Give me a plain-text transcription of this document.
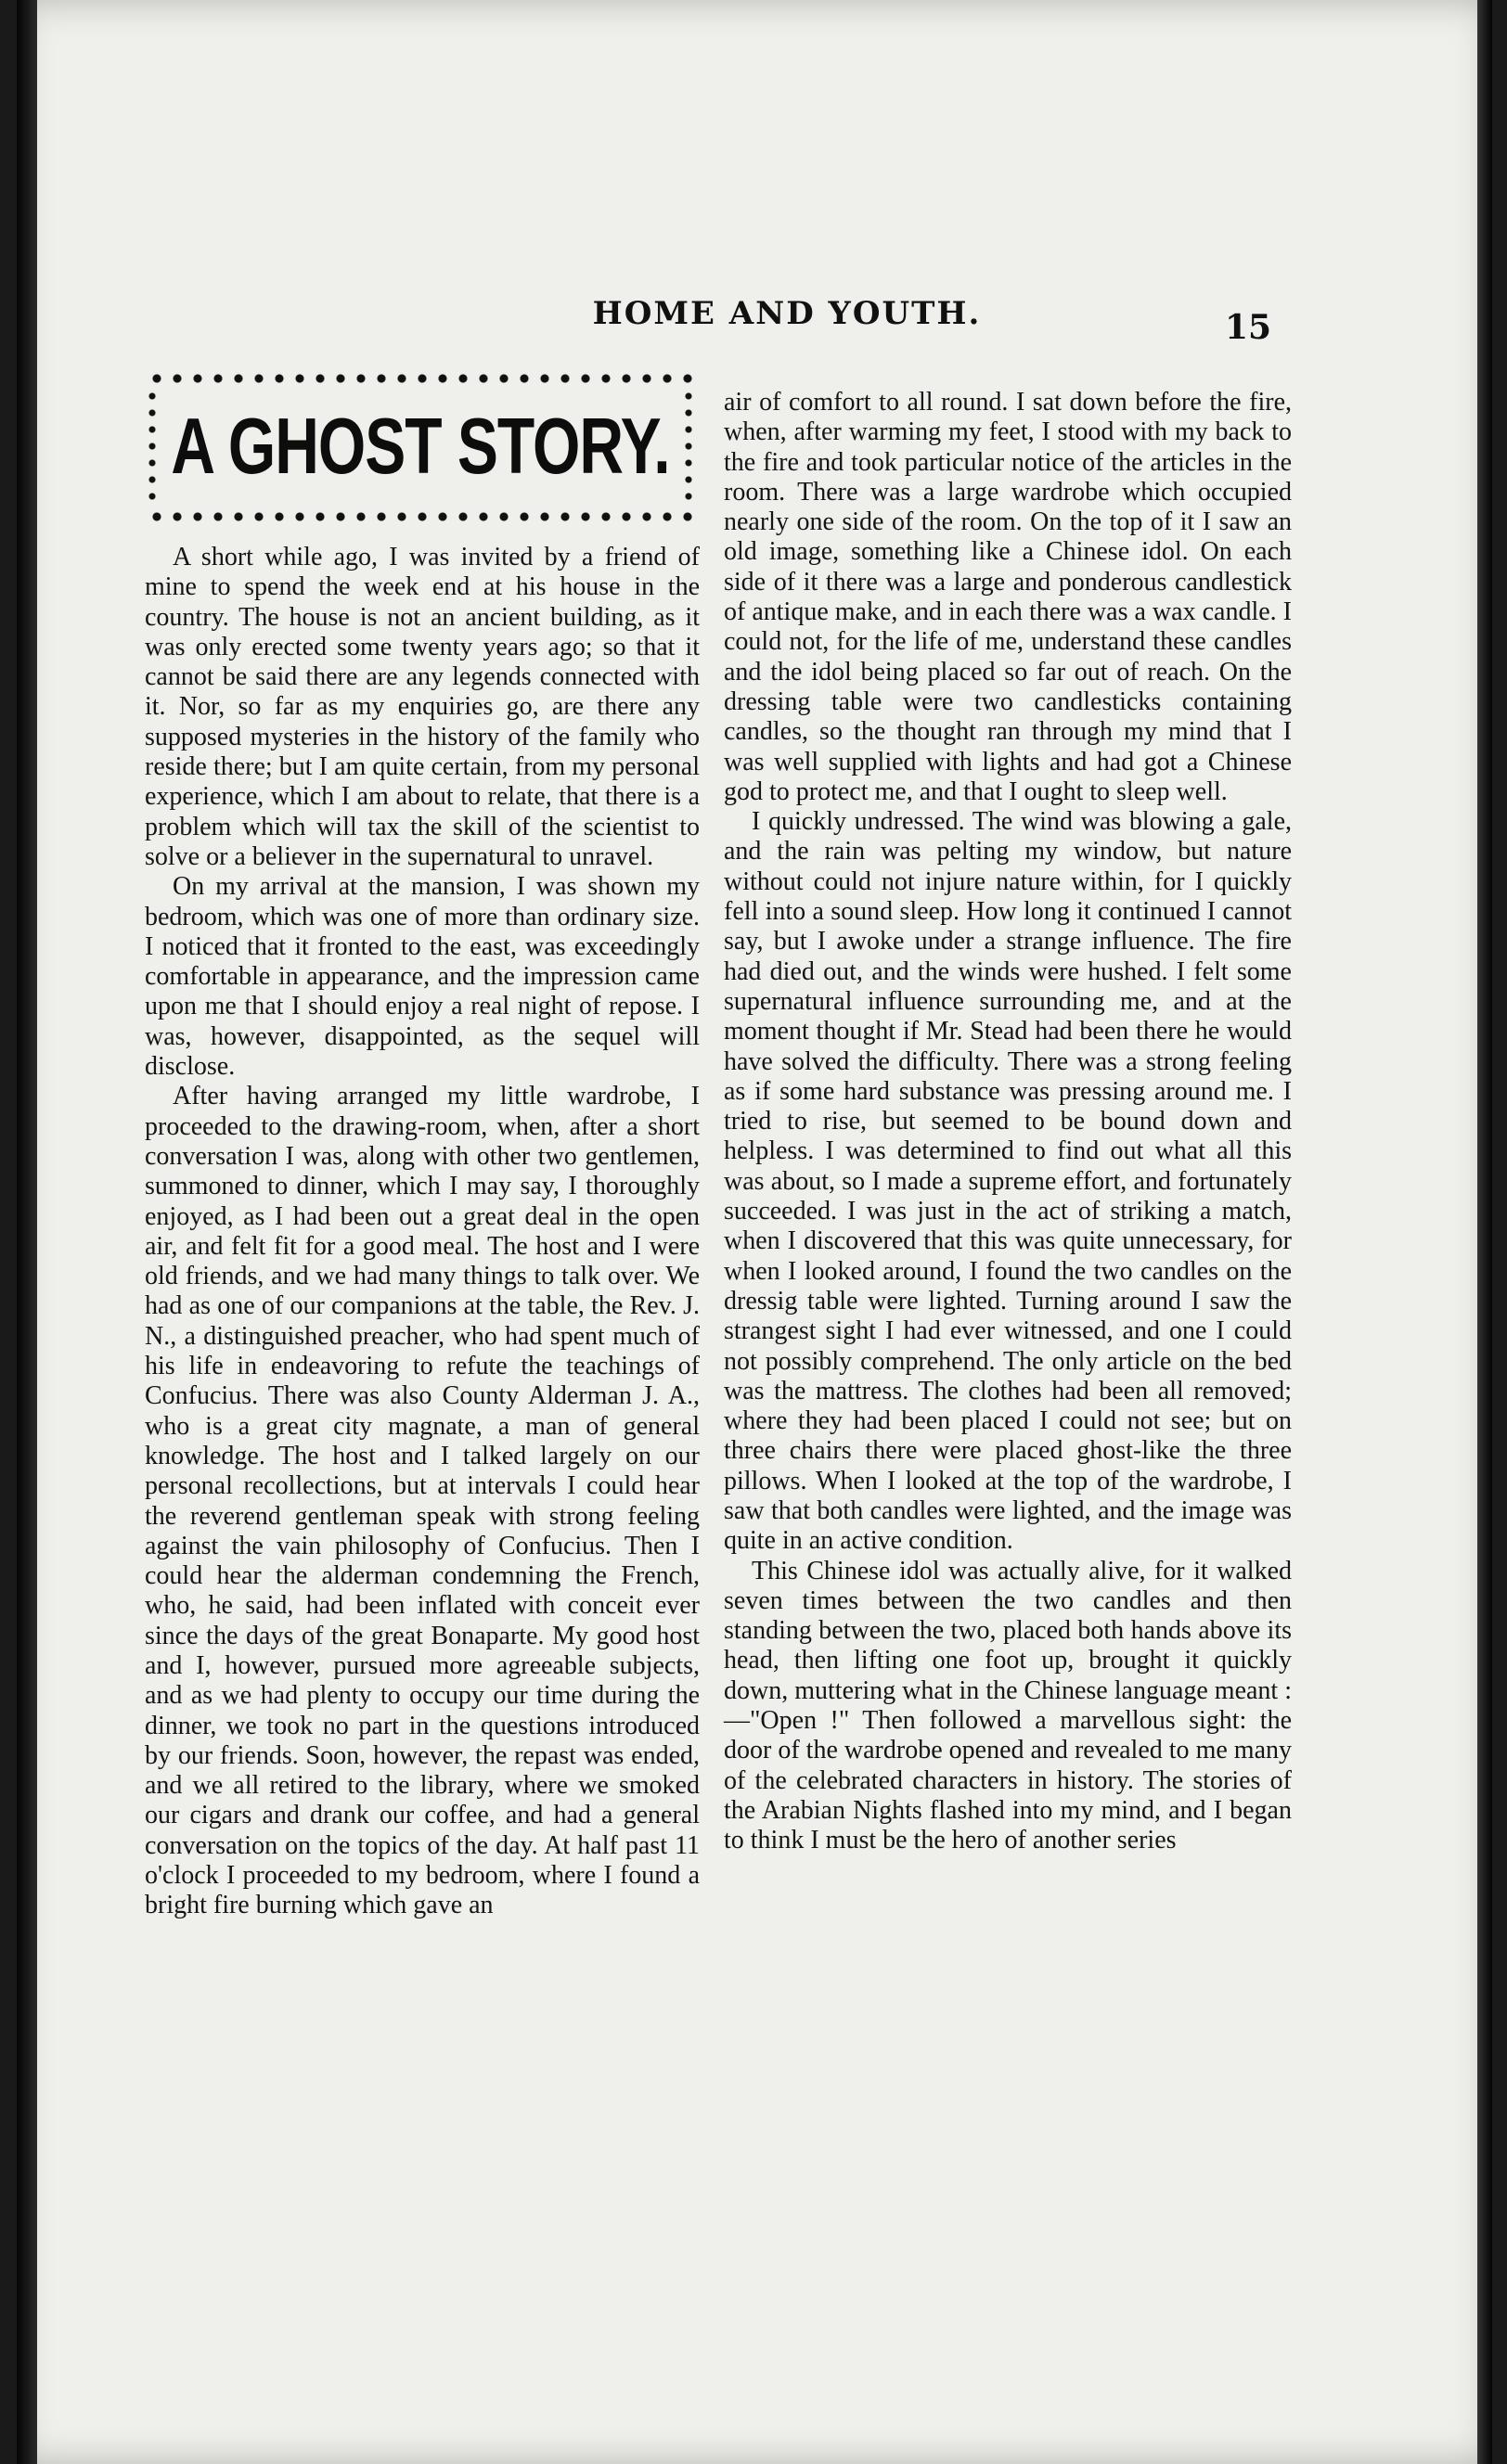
HOME AND YOUTH.	15
A GHOST STORY.

A short while ago, I was invited by a friend of mine to spend the week end at his house in the country. The house is not an ancient building, as it was only erected some twenty years ago; so that it cannot be said there are any legends connected with it. Nor, so far as my enquiries go, are there any supposed mysteries in the history of the family who reside there; but I am quite certain, from my personal experience, which I am about to relate, that there is a problem which will tax the skill of the scientist to solve or a believer in the supernatural to unravel.

On my arrival at the mansion, I was shown my bedroom, which was one of more than ordinary size. I noticed that it fronted to the east, was exceedingly comfortable in appearance, and the impression came upon me that I should enjoy a real night of repose. I was, however, disappointed, as the sequel will disclose.

After having arranged my little wardrobe, I proceeded to the drawing-room, when, after a short conversation I was, along with other two gentlemen, summoned to dinner, which I may say, I thoroughly enjoyed, as I had been out a great deal in the open air, and felt fit for a good meal. The host and I were old friends, and we had many things to talk over. We had as one of our companions at the table, the Rev. J. N., a distinguished preacher, who had spent much of his life in endeavoring to refute the teachings of Confucius. There was also County Alderman J. A., who is a great city magnate, a man of general knowledge. The host and I talked largely on our personal recollections, but at intervals I could hear the reverend gentleman speak with strong feeling against the vain philosophy of Confucius. Then I could hear the alderman condemning the French, who, he said, had been inflated with conceit ever since the days of the great Bonaparte. My good host and I, however, pursued more agreeable subjects, and as we had plenty to occupy our time during the dinner, we took no part in the questions introduced by our friends. Soon, however, the repast was ended, and we all retired to the library, where we smoked our cigars and drank our coffee, and had a general conversation on the topics of the day. At half past 11 o'clock I proceeded to my bedroom, where I found a bright fire burning which gave an

air of comfort to all round. I sat down before the fire, when, after warming my feet, I stood with my back to the fire and took particular notice of the articles in the room. There was a large wardrobe which occupied nearly one side of the room. On the top of it I saw an old image, something like a Chinese idol. On each side of it there was a large and ponderous candlestick of antique make, and in each there was a wax candle. I could not, for the life of me, understand these candles and the idol being placed so far out of reach. On the dressing table were two candlesticks containing candles, so the thought ran through my mind that I was well supplied with lights and had got a Chinese god to protect me, and that I ought to sleep well.

I quickly undressed. The wind was blowing a gale, and the rain was pelting my window, but nature without could not injure nature within, for I quickly fell into a sound sleep. How long it continued I cannot say, but I awoke under a strange influence. The fire had died out, and the winds were hushed. I felt some supernatural influence surrounding me, and at the moment thought if Mr. Stead had been there he would have solved the difficulty. There was a strong feeling as if some hard substance was pressing around me. I tried to rise, but seemed to be bound down and helpless. I was determined to find out what all this was about, so I made a supreme effort, and fortunately succeeded. I was just in the act of striking a match, when I discovered that this was quite unnecessary, for when I looked around, I found the two candles on the dressig table were lighted. Turning around I saw the strangest sight I had ever witnessed, and one I could not possibly comprehend. The only article on the bed was the mattress. The clothes had been all removed; where they had been placed I could not see; but on three chairs there were placed ghost-like the three pillows. When I looked at the top of the wardrobe, I saw that both candles were lighted, and the image was quite in an active condition.

This Chinese idol was actually alive, for it walked seven times between the two candles and then standing between the two, placed both hands above its head, then lifting one foot up, brought it quickly down, muttering what in the Chinese language meant :—"Open !" Then followed a marvellous sight: the door of the wardrobe opened and revealed to me many of the celebrated characters in history. The stories of the Arabian Nights flashed into my mind, and I began to think I must be the hero of another series
